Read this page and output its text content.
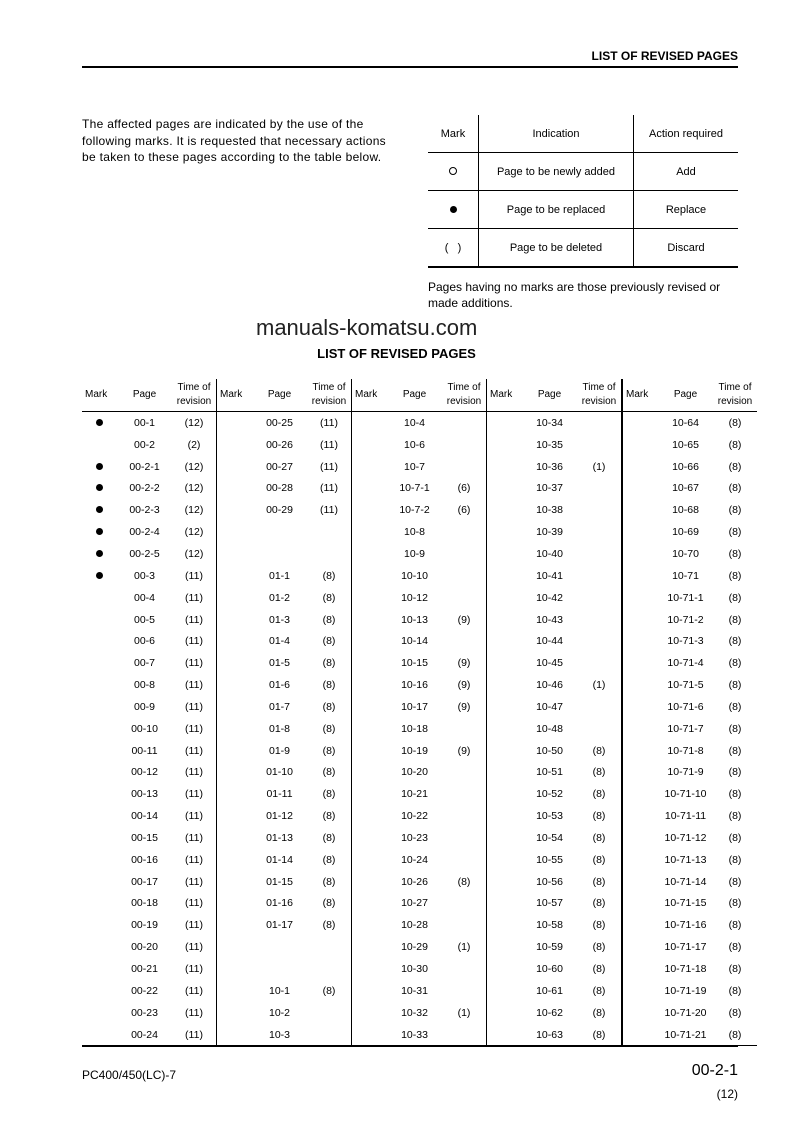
LIST OF REVISED PAGES
The affected pages are indicated by the use of the following marks. It is requested that necessary actions be taken to these pages according to the table below.
Mark	Indication	Action required
	Page to be newly added	Add
	Page to be replaced	Replace
(   )	Page to be deleted	Discard
Pages having no marks are those previously revised or made additions.
manuals-komatsu.com
LIST OF REVISED PAGES
Mark	Page	Time of
revision	Mark	Page	Time of
revision	Mark	Page	Time of
revision	Mark	Page	Time of
revision	Mark	Page	Time of
revision
	00-1	(12)		00-25	(11)		10-4			10-34			10-64	(8)
	00-2	(2)		00-26	(11)		10-6			10-35			10-65	(8)
	00-2-1	(12)		00-27	(11)		10-7			10-36	(1)		10-66	(8)
	00-2-2	(12)		00-28	(11)		10-7-1	(6)		10-37			10-67	(8)
	00-2-3	(12)		00-29	(11)		10-7-2	(6)		10-38			10-68	(8)
	00-2-4	(12)					10-8			10-39			10-69	(8)
	00-2-5	(12)					10-9			10-40			10-70	(8)
	00-3	(11)		01-1	(8)		10-10			10-41			10-71	(8)
	00-4	(11)		01-2	(8)		10-12			10-42			10-71-1	(8)
	00-5	(11)		01-3	(8)		10-13	(9)		10-43			10-71-2	(8)
	00-6	(11)		01-4	(8)		10-14			10-44			10-71-3	(8)
	00-7	(11)		01-5	(8)		10-15	(9)		10-45			10-71-4	(8)
	00-8	(11)		01-6	(8)		10-16	(9)		10-46	(1)		10-71-5	(8)
	00-9	(11)		01-7	(8)		10-17	(9)		10-47			10-71-6	(8)
	00-10	(11)		01-8	(8)		10-18			10-48			10-71-7	(8)
	00-11	(11)		01-9	(8)		10-19	(9)		10-50	(8)		10-71-8	(8)
	00-12	(11)		01-10	(8)		10-20			10-51	(8)		10-71-9	(8)
	00-13	(11)		01-11	(8)		10-21			10-52	(8)		10-71-10	(8)
	00-14	(11)		01-12	(8)		10-22			10-53	(8)		10-71-11	(8)
	00-15	(11)		01-13	(8)		10-23			10-54	(8)		10-71-12	(8)
	00-16	(11)		01-14	(8)		10-24			10-55	(8)		10-71-13	(8)
	00-17	(11)		01-15	(8)		10-26	(8)		10-56	(8)		10-71-14	(8)
	00-18	(11)		01-16	(8)		10-27			10-57	(8)		10-71-15	(8)
	00-19	(11)		01-17	(8)		10-28			10-58	(8)		10-71-16	(8)
	00-20	(11)					10-29	(1)		10-59	(8)		10-71-17	(8)
	00-21	(11)					10-30			10-60	(8)		10-71-18	(8)
	00-22	(11)		10-1	(8)		10-31			10-61	(8)		10-71-19	(8)
	00-23	(11)		10-2			10-32	(1)		10-62	(8)		10-71-20	(8)
	00-24	(11)		10-3			10-33			10-63	(8)		10-71-21	(8)
PC400/450(LC)-7	00-2-1
(12)
